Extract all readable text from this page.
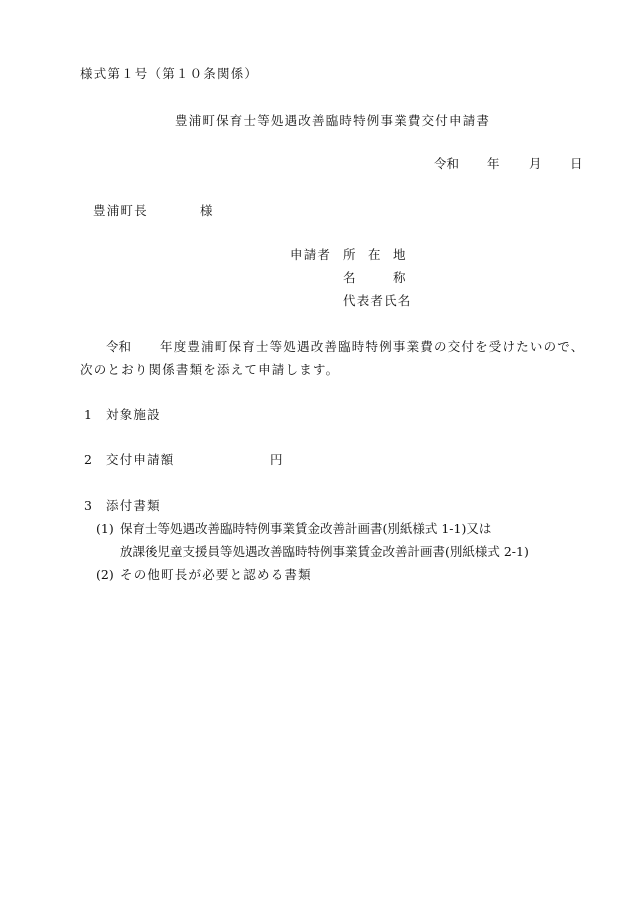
様式第１号（第１０条関係）
豊浦町保育士等処遇改善臨時特例事業費交付申請書
令和 年 月 日
豊浦町長	様
申請者 所　在　地
名　　　称
代表者氏名
令和 年度豊浦町保育士等処遇改善臨時特例事業費の交付を受けたいので、
次のとおり関係書類を添えて申請します。
1 対象施設
2 交付申請額	円
3 添付書類
(1) 保育士等処遇改善臨時特例事業賃金改善計画書(別紙様式 1-1)又は
放課後児童支援員等処遇改善臨時特例事業賃金改善計画書(別紙様式 2-1)
(2) その他町長が必要と認める書類
